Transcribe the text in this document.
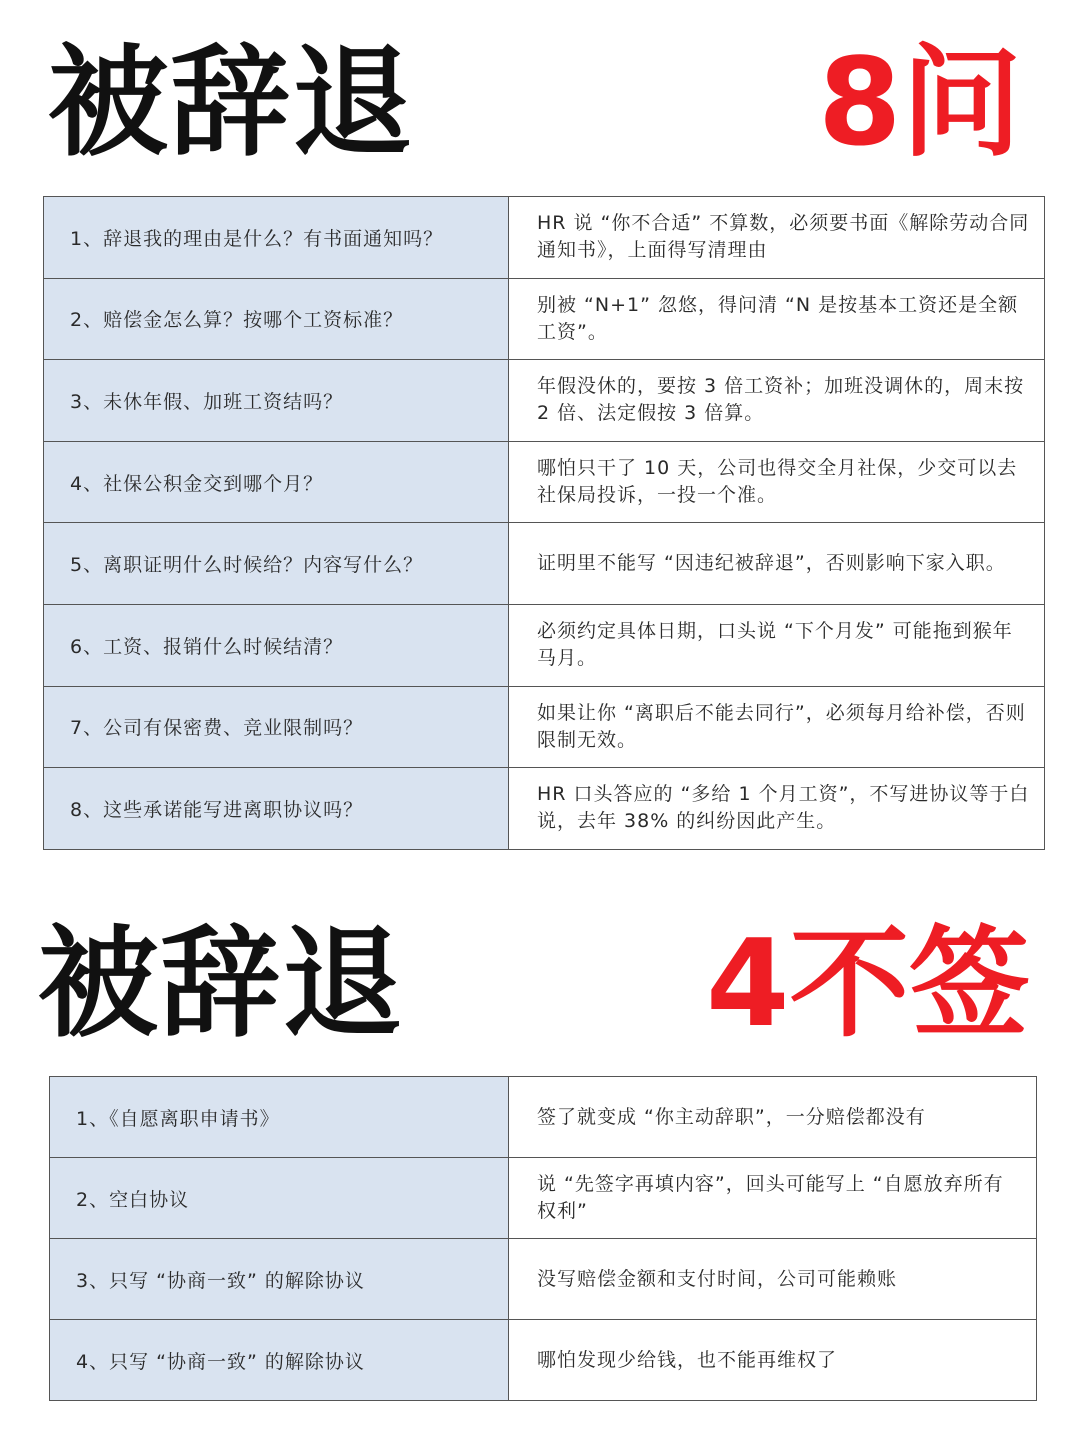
被辞退	8问
1、辞退我的理由是什么？有书面通知吗？	HR 说 “你不合适” 不算数，必须要书面《解除劳动合同通知书》，上面得写清理由

2、赔偿金怎么算？按哪个工资标准？	别被 “N+1” 忽悠，得问清 “N 是按基本工资还是全额工资”。

3、未休年假、加班工资结吗？	年假没休的，要按 3 倍工资补；加班没调休的，周末按 2 倍、法定假按 3 倍算。

4、社保公积金交到哪个月？	哪怕只干了 10 天，公司也得交全月社保，少交可以去社保局投诉，一投一个准。

5、离职证明什么时候给？内容写什么？	证明里不能写 “因违纪被辞退”，否则影响下家入职。

6、工资、报销什么时候结清？	必须约定具体日期，口头说 “下个月发” 可能拖到猴年马月。

7、公司有保密费、竞业限制吗？	如果让你 “离职后不能去同行”，必须每月给补偿，否则限制无效。

8、这些承诺能写进离职协议吗？	HR 口头答应的 “多给 1 个月工资”，不写进协议等于白说，去年 38% 的纠纷因此产生。
被辞退	4不签
1、《自愿离职申请书》	签了就变成 “你主动辞职”，一分赔偿都没有

2、空白协议	说 “先签字再填内容”，回头可能写上 “自愿放弃所有权利”

3、只写 “协商一致” 的解除协议	没写赔偿金额和支付时间，公司可能赖账

4、只写 “协商一致” 的解除协议	哪怕发现少给钱，也不能再维权了
